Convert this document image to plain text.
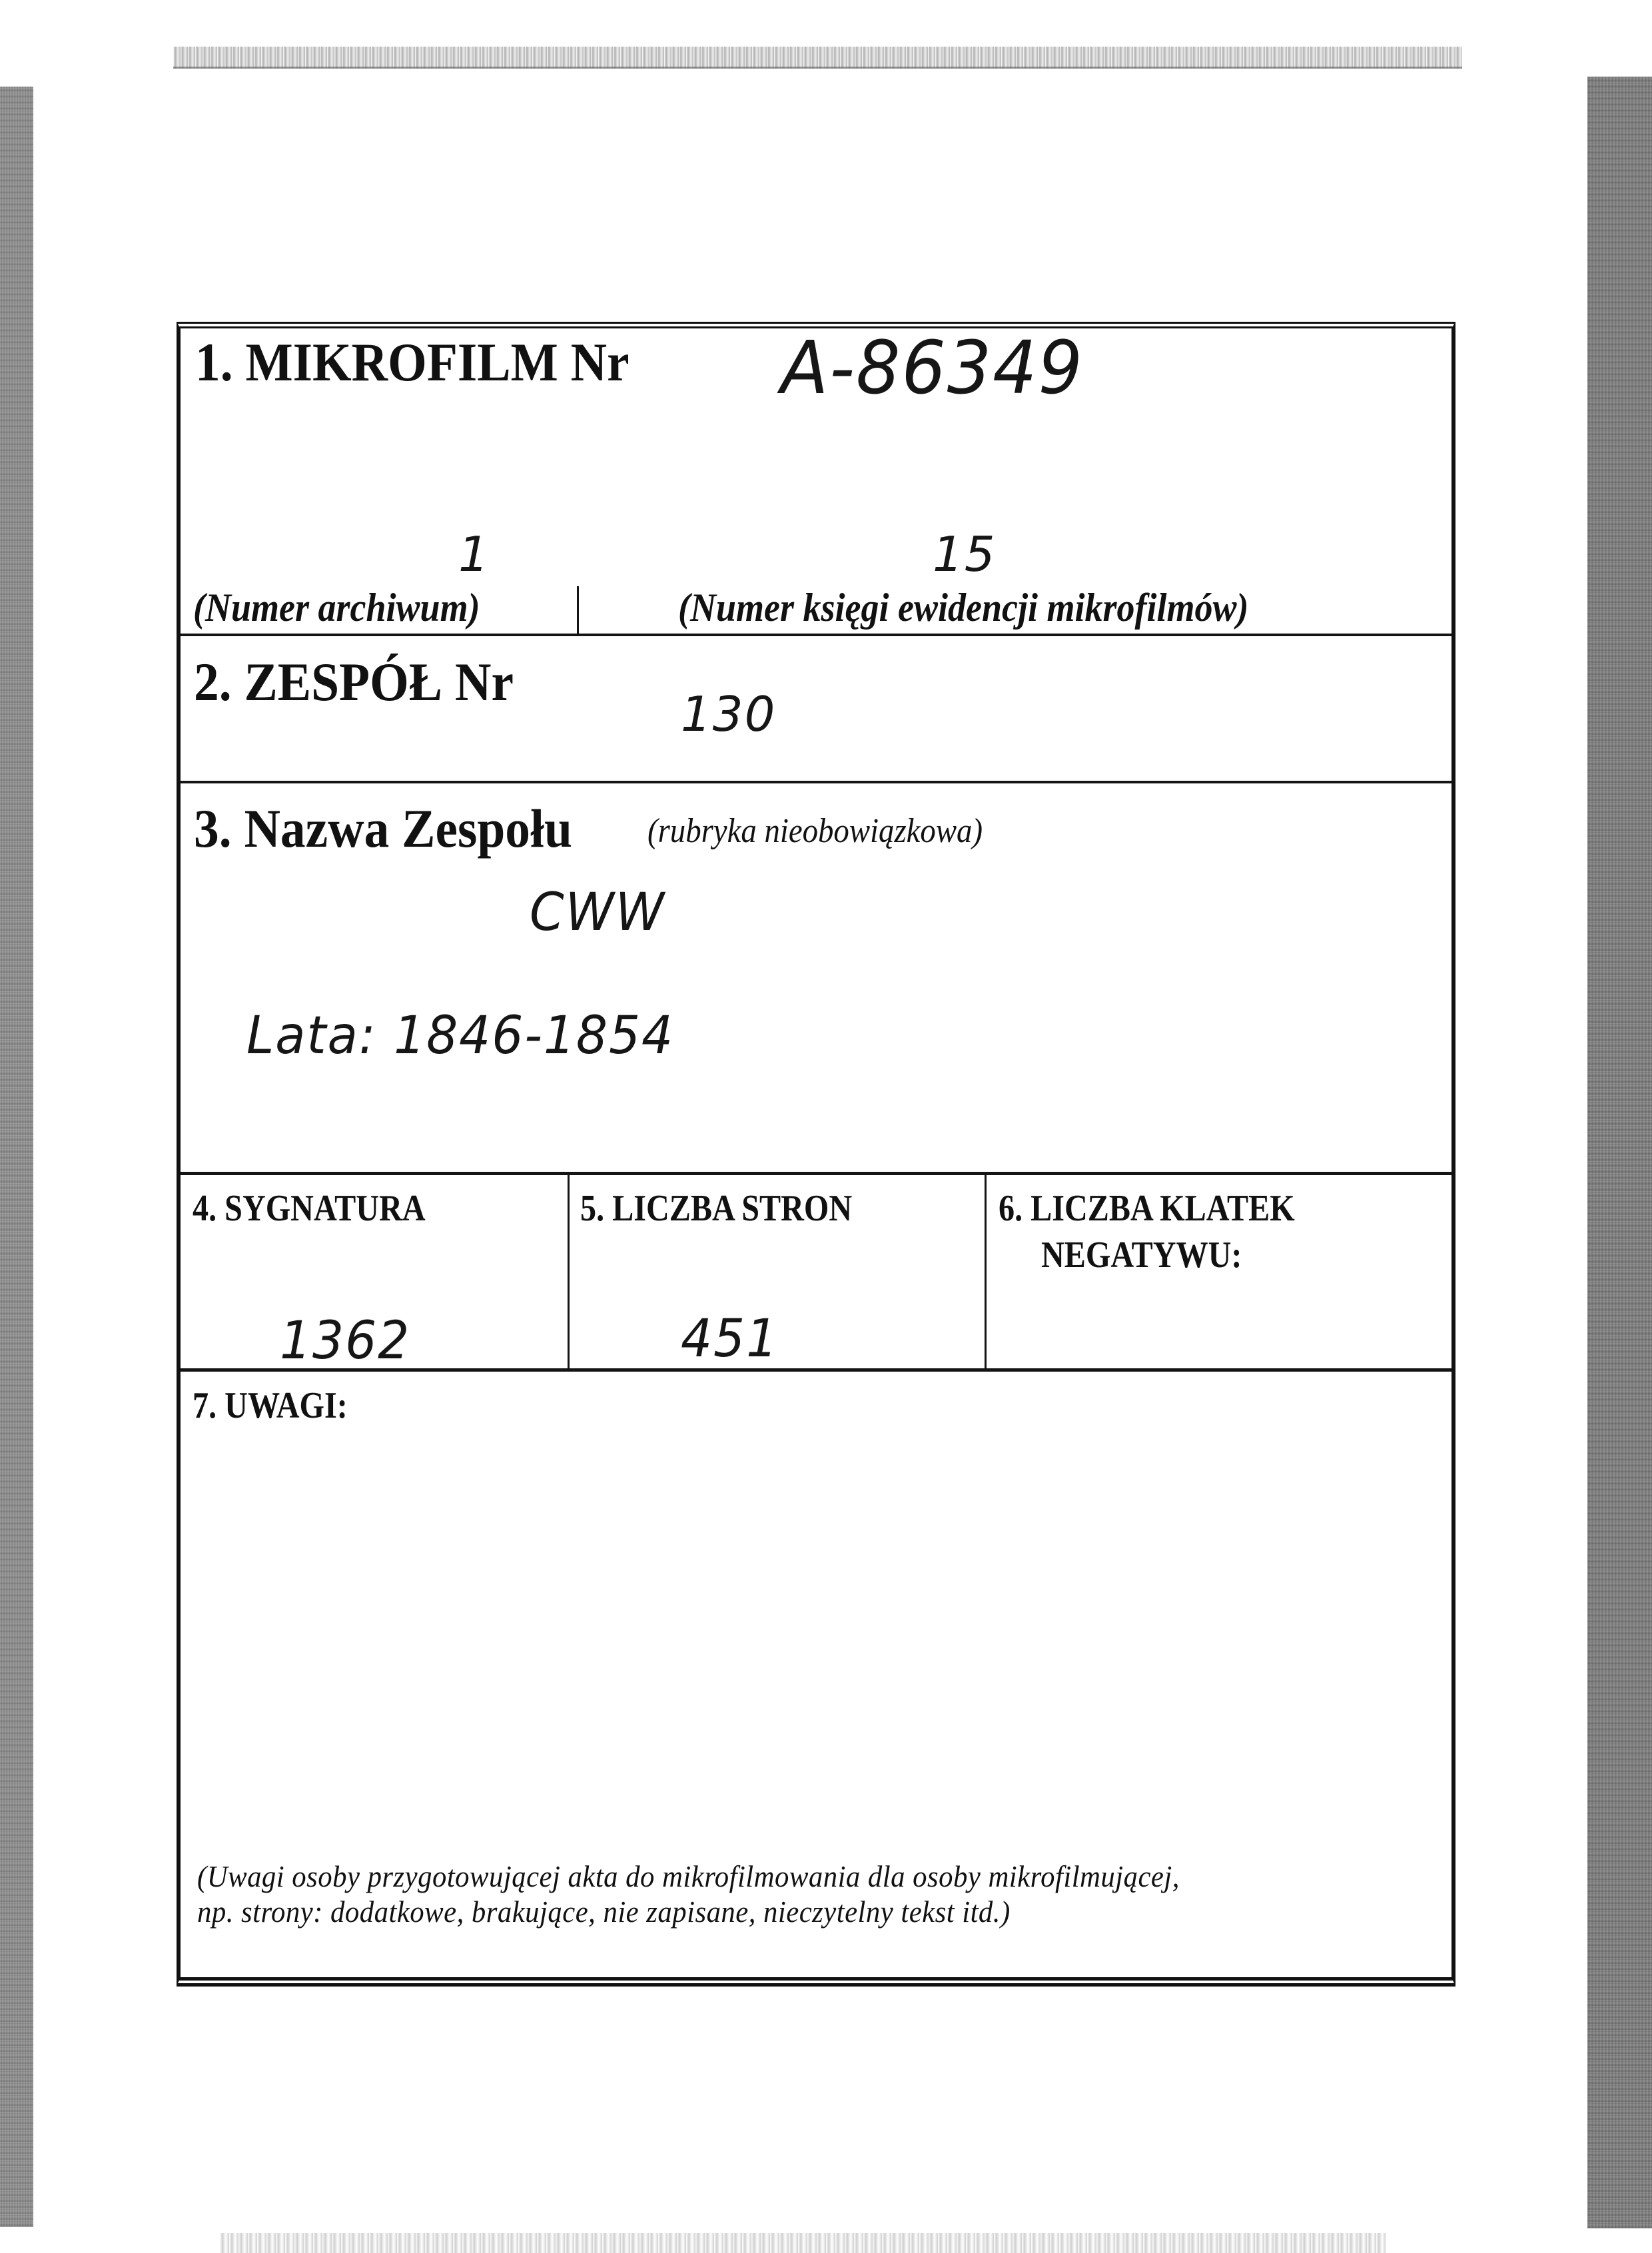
1. MIKROFILM Nr A-86349
1	15
(Numer archiwum)	(Numer księgi ewidencji mikrofilmów)
2. ZESPÓŁ Nr
130
3. Nazwa Zespołu (rubryka nieobowiązkowa)
CWW
Lata: 1846-1854
4. SYGNATURA
1362
5. LICZBA STRON
451
6. LICZBA KLATEK
NEGATYWU:
7. UWAGI:
(Uwagi osoby przygotowującej akta do mikrofilmowania dla osoby mikrofilmującej,
np. strony: dodatkowe, brakujące, nie zapisane, nieczytelny tekst itd.)
